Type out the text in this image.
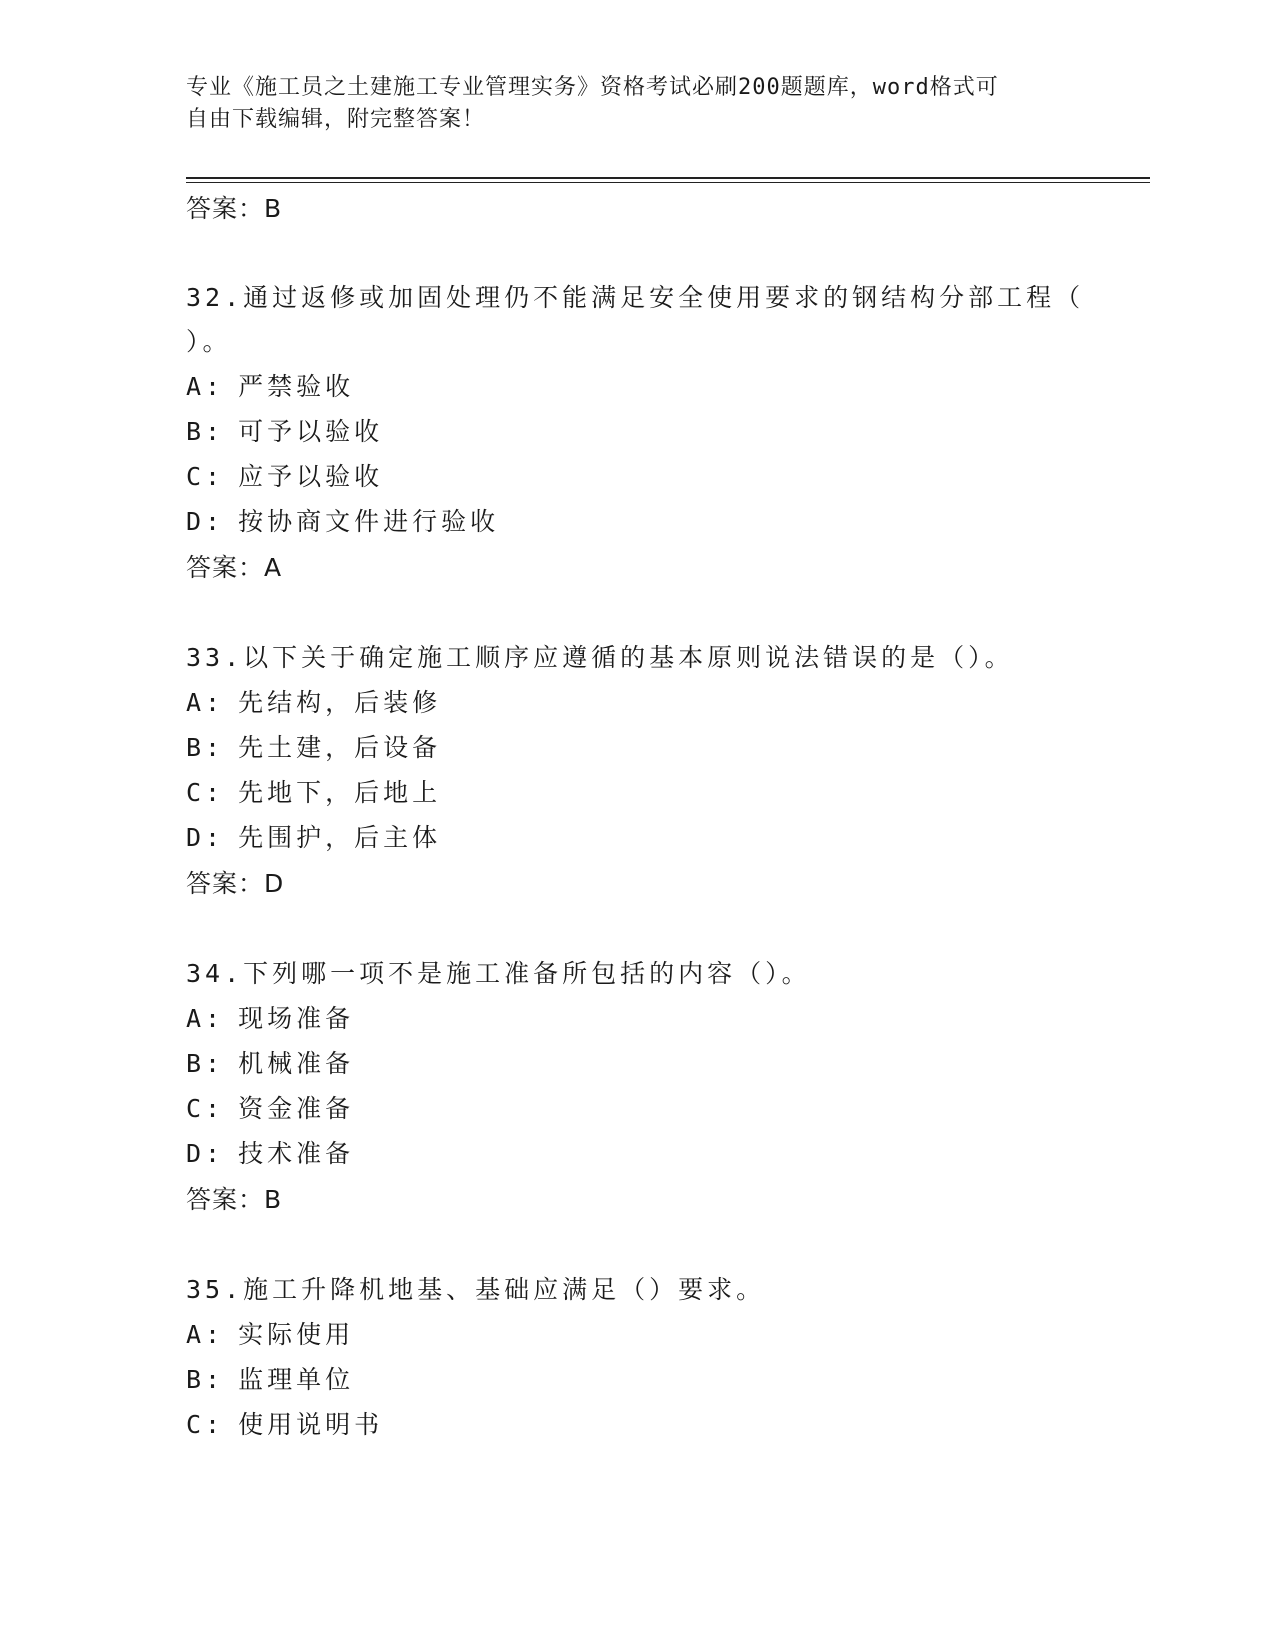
专业《施工员之土建施工专业管理实务》资格考试必刷200题题库，word格式可
自由下载编辑，附完整答案！
答案：B
32.通过返修或加固处理仍不能满足安全使用要求的钢结构分部工程（
）。
A: 严禁验收
B: 可予以验收
C: 应予以验收
D: 按协商文件进行验收
答案：A
33.以下关于确定施工顺序应遵循的基本原则说法错误的是（）。
A: 先结构，后装修
B: 先土建，后设备
C: 先地下，后地上
D: 先围护，后主体
答案：D
34.下列哪一项不是施工准备所包括的内容（）。
A: 现场准备
B: 机械准备
C: 资金准备
D: 技术准备
答案：B
35.施工升降机地基、基础应满足（）要求。
A: 实际使用
B: 监理单位
C: 使用说明书
